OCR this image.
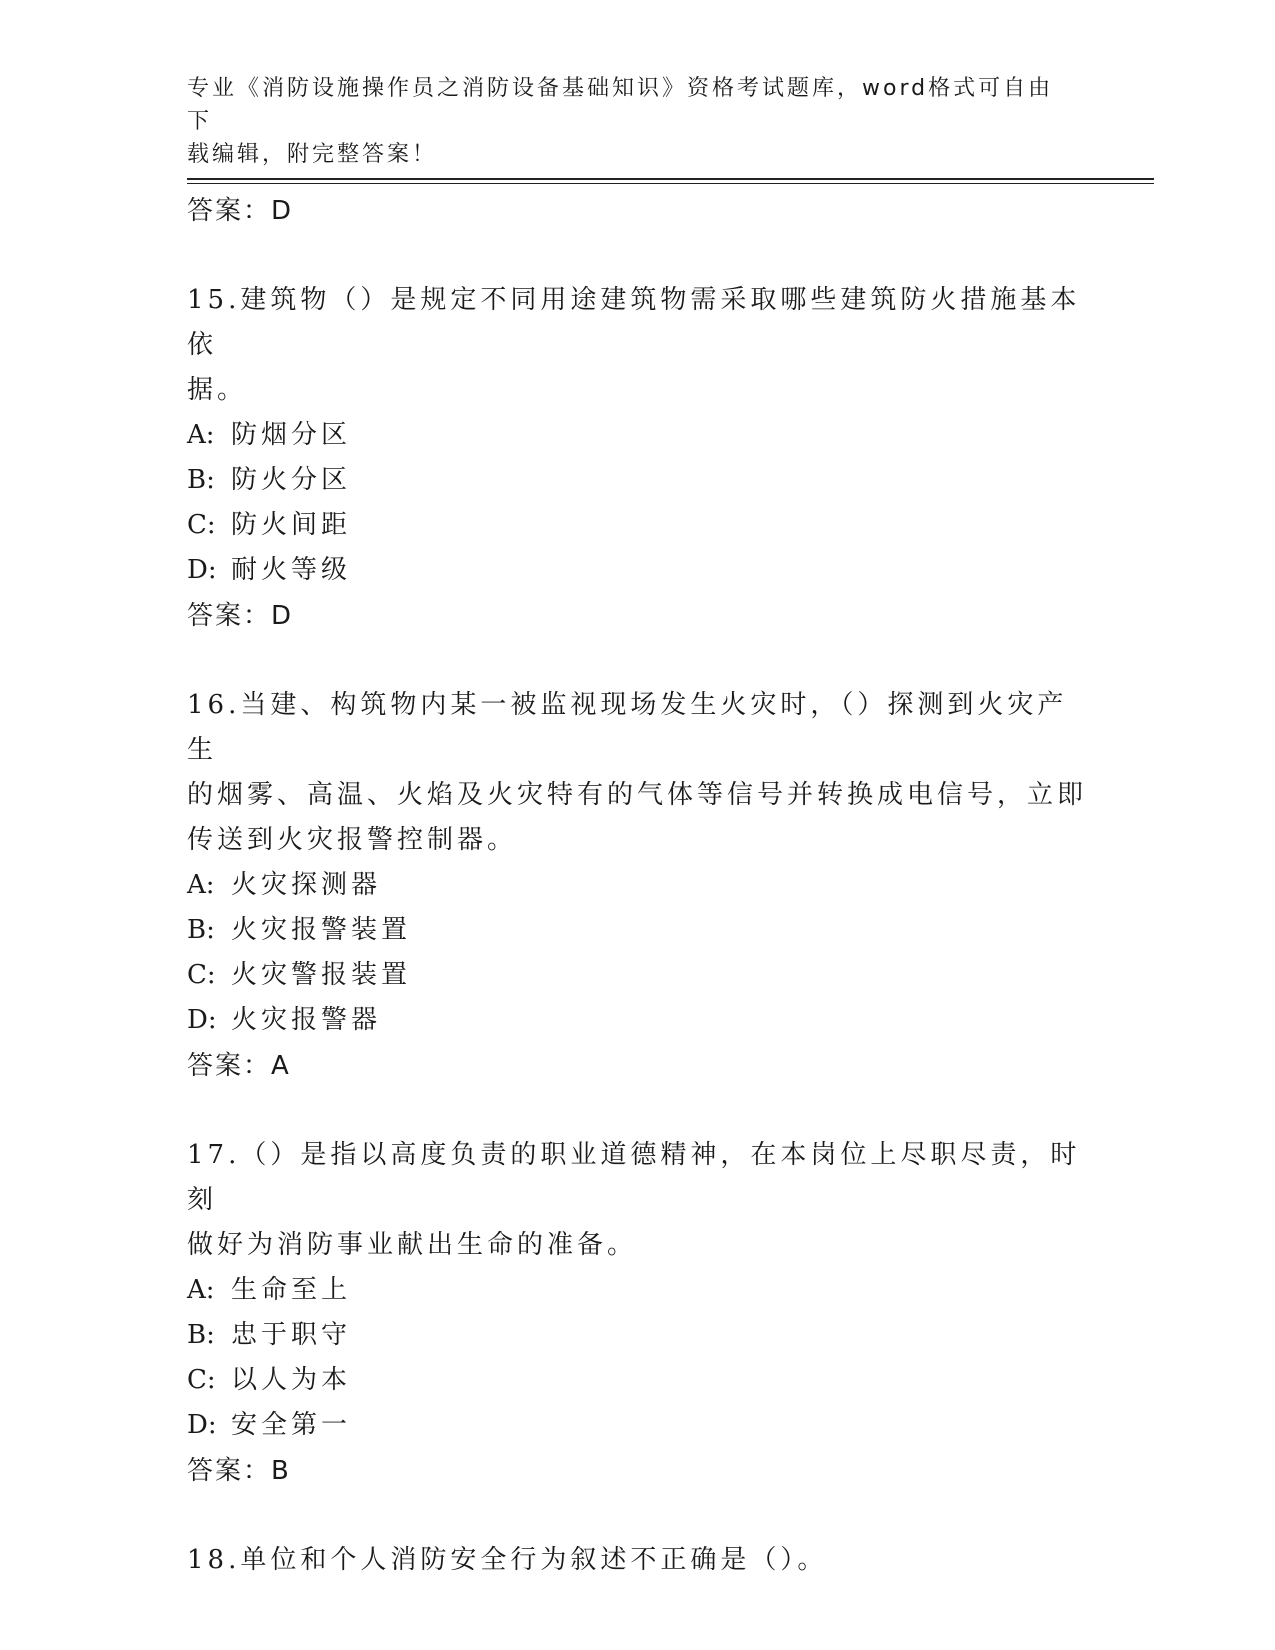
专业《消防设施操作员之消防设备基础知识》资格考试题库，word格式可自由下
载编辑，附完整答案！
答案：D
15.建筑物（）是规定不同用途建筑物需采取哪些建筑防火措施基本依
据。
A: 防烟分区
B: 防火分区
C: 防火间距
D: 耐火等级
答案：D
16.当建、构筑物内某一被监视现场发生火灾时，（）探测到火灾产生
的烟雾、高温、火焰及火灾特有的气体等信号并转换成电信号，立即
传送到火灾报警控制器。
A: 火灾探测器
B: 火灾报警装置
C: 火灾警报装置
D: 火灾报警器
答案：A
17.（）是指以高度负责的职业道德精神，在本岗位上尽职尽责，时刻
做好为消防事业献出生命的准备。
A: 生命至上
B: 忠于职守
C: 以人为本
D: 安全第一
答案：B
18.单位和个人消防安全行为叙述不正确是（）。
